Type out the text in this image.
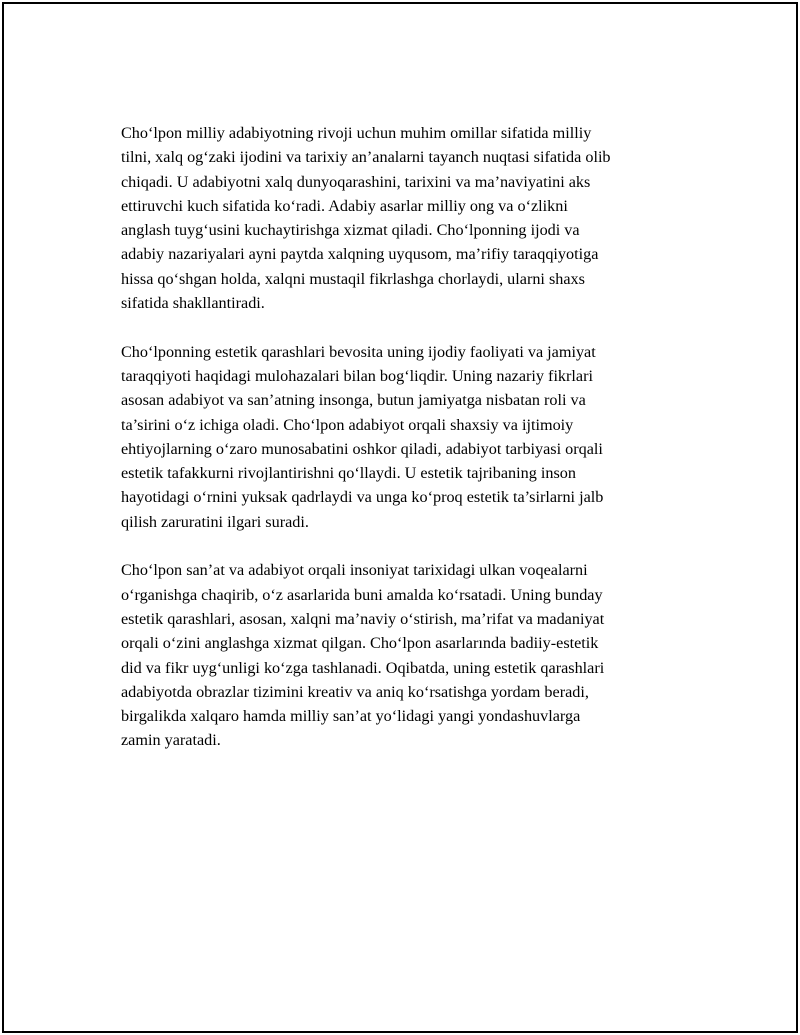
Cho‘lpon milliy adabiyotning rivoji uchun muhim omillar sifatida milliy
tilni, xalq og‘zaki ijodini va tarixiy an’analarni tayanch nuqtasi sifatida olib
chiqadi. U adabiyotni xalq dunyoqarashini, tarixini va ma’naviyatini aks
ettiruvchi kuch sifatida ko‘radi. Adabiy asarlar milliy ong va o‘zlikni
anglash tuyg‘usini kuchaytirishga xizmat qiladi. Cho‘lponning ijodi va
adabiy nazariyalari ayni paytda xalqning uyqusom, ma’rifiy taraqqiyotiga
hissa qo‘shgan holda, xalqni mustaqil fikrlashga chorlaydi, ularni shaxs
sifatida shakllantiradi.

Cho‘lponning estetik qarashlari bevosita uning ijodiy faoliyati va jamiyat
taraqqiyoti haqidagi mulohazalari bilan bog‘liqdir. Uning nazariy fikrlari
asosan adabiyot va san’atning insonga, butun jamiyatga nisbatan roli va
ta’sirini o‘z ichiga oladi. Cho‘lpon adabiyot orqali shaxsiy va ijtimoiy
ehtiyojlarning o‘zaro munosabatini oshkor qiladi, adabiyot tarbiyasi orqali
estetik tafakkurni rivojlantirishni qo‘llaydi. U estetik tajribaning inson
hayotidagi o‘rnini yuksak qadrlaydi va unga ko‘proq estetik ta’sirlarni jalb
qilish zaruratini ilgari suradi.

Cho‘lpon san’at va adabiyot orqali insoniyat tarixidagi ulkan voqealarni
o‘rganishga chaqirib, o‘z asarlarida buni amalda ko‘rsatadi. Uning bunday
estetik qarashlari, asosan, xalqni ma’naviy o‘stirish, ma’rifat va madaniyat
orqali o‘zini anglashga xizmat qilgan. Cho‘lpon asarlarında badiiy-estetik
did va fikr uyg‘unligi ko‘zga tashlanadi. Oqibatda, uning estetik qarashlari
adabiyotda obrazlar tizimini kreativ va aniq ko‘rsatishga yordam beradi,
birgalikda xalqaro hamda milliy san’at yo‘lidagi yangi yondashuvlarga
zamin yaratadi.
